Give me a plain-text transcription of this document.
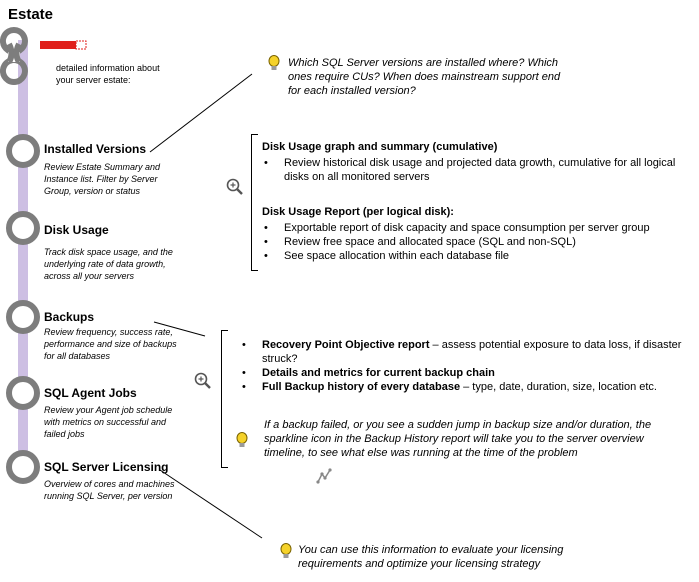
Estate
detailed information about your server estate:
Installed Versions
Review Estate Summary and Instance list. Filter by Server Group, version or status
Disk Usage
Track disk space usage, and the underlying rate of data growth, across all your servers
Backups
Review frequency, success rate, performance and size of backups for all databases
SQL Agent Jobs
Review your Agent job schedule with metrics on successful and failed jobs
SQL Server Licensing
Overview of cores and machines running SQL Server, per version
Which SQL Server versions are installed where? Which ones require CUs? When does mainstream support end for each installed version?
Disk Usage graph and summary (cumulative)
• Review historical disk usage and projected data growth, cumulative for all logical disks on all monitored servers
Disk Usage Report (per logical disk):
• Exportable report of disk capacity and space consumption per server group
• Review free space and allocated space (SQL and non-SQL)
• See space allocation within each database file
• Recovery Point Objective report – assess potential exposure to data loss, if disaster struck?
• Details and metrics for current backup chain
• Full Backup history of every database – type, date, duration, size, location etc.
If a backup failed, or you see a sudden jump in backup size and/or duration, the sparkline icon in the Backup History report will take you to the server overview timeline, to see what else was running at the time of the problem
You can use this information to evaluate your licensing requirements and optimize your licensing strategy
